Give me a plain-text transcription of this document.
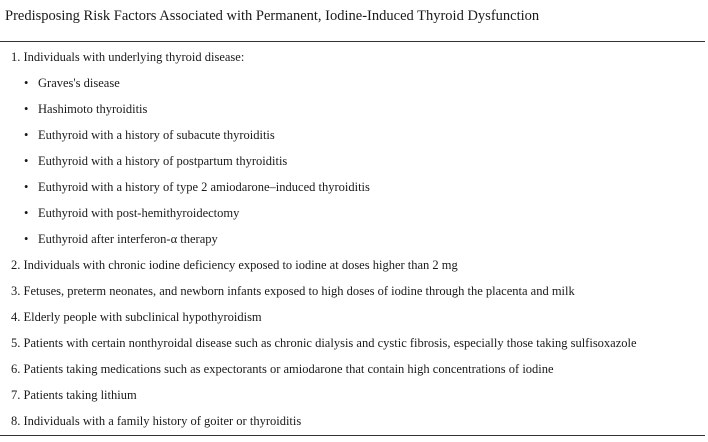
Predisposing Risk Factors Associated with Permanent, Iodine-Induced Thyroid Dysfunction
1. Individuals with underlying thyroid disease:
• Graves's disease
• Hashimoto thyroiditis
• Euthyroid with a history of subacute thyroiditis
• Euthyroid with a history of postpartum thyroiditis
• Euthyroid with a history of type 2 amiodarone–induced thyroiditis
• Euthyroid with post-hemithyroidectomy
• Euthyroid after interferon-α therapy
2. Individuals with chronic iodine deficiency exposed to iodine at doses higher than 2 mg
3. Fetuses, preterm neonates, and newborn infants exposed to high doses of iodine through the placenta and milk
4. Elderly people with subclinical hypothyroidism
5. Patients with certain nonthyroidal disease such as chronic dialysis and cystic fibrosis, especially those taking sulfisoxazole
6. Patients taking medications such as expectorants or amiodarone that contain high concentrations of iodine
7. Patients taking lithium
8. Individuals with a family history of goiter or thyroiditis
